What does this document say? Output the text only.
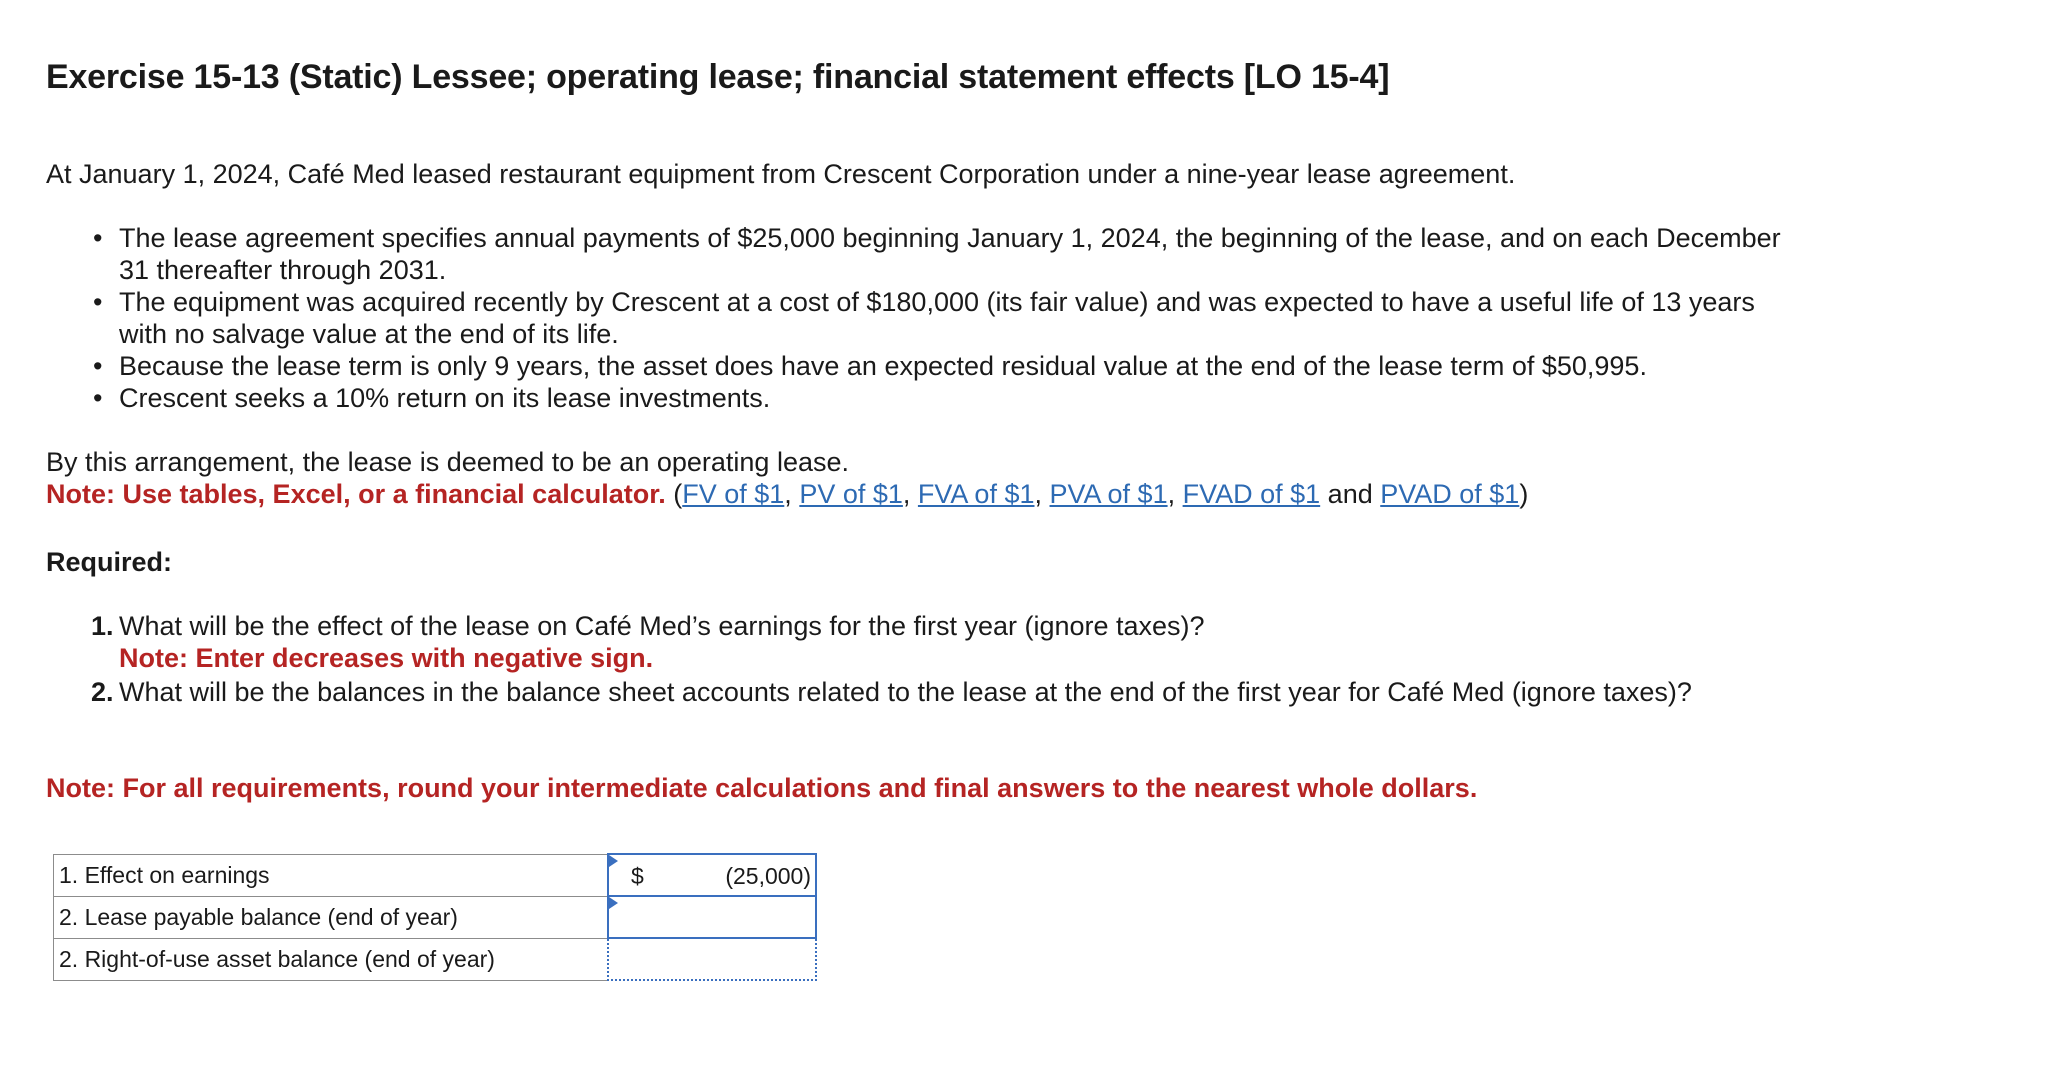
Exercise 15-13 (Static) Lessee; operating lease; financial statement effects [LO 15-4]
At January 1, 2024, Café Med leased restaurant equipment from Crescent Corporation under a nine-year lease agreement.
• The lease agreement specifies annual payments of $25,000 beginning January 1, 2024, the beginning of the lease, and on each December 31 thereafter through 2031.
• The equipment was acquired recently by Crescent at a cost of $180,000 (its fair value) and was expected to have a useful life of 13 years with no salvage value at the end of its life.
• Because the lease term is only 9 years, the asset does have an expected residual value at the end of the lease term of $50,995.
• Crescent seeks a 10% return on its lease investments.
By this arrangement, the lease is deemed to be an operating lease.
Note: Use tables, Excel, or a financial calculator. (FV of $1, PV of $1, FVA of $1, PVA of $1, FVAD of $1 and PVAD of $1)
Required:
1. What will be the effect of the lease on Café Med’s earnings for the first year (ignore taxes)?
Note: Enter decreases with negative sign.
2. What will be the balances in the balance sheet accounts related to the lease at the end of the first year for Café Med (ignore taxes)?
Note: For all requirements, round your intermediate calculations and final answers to the nearest whole dollars.
1. Effect on earnings	$ (25,000)

2. Lease payable balance (end of year)	

2. Right-of-use asset balance (end of year)	
